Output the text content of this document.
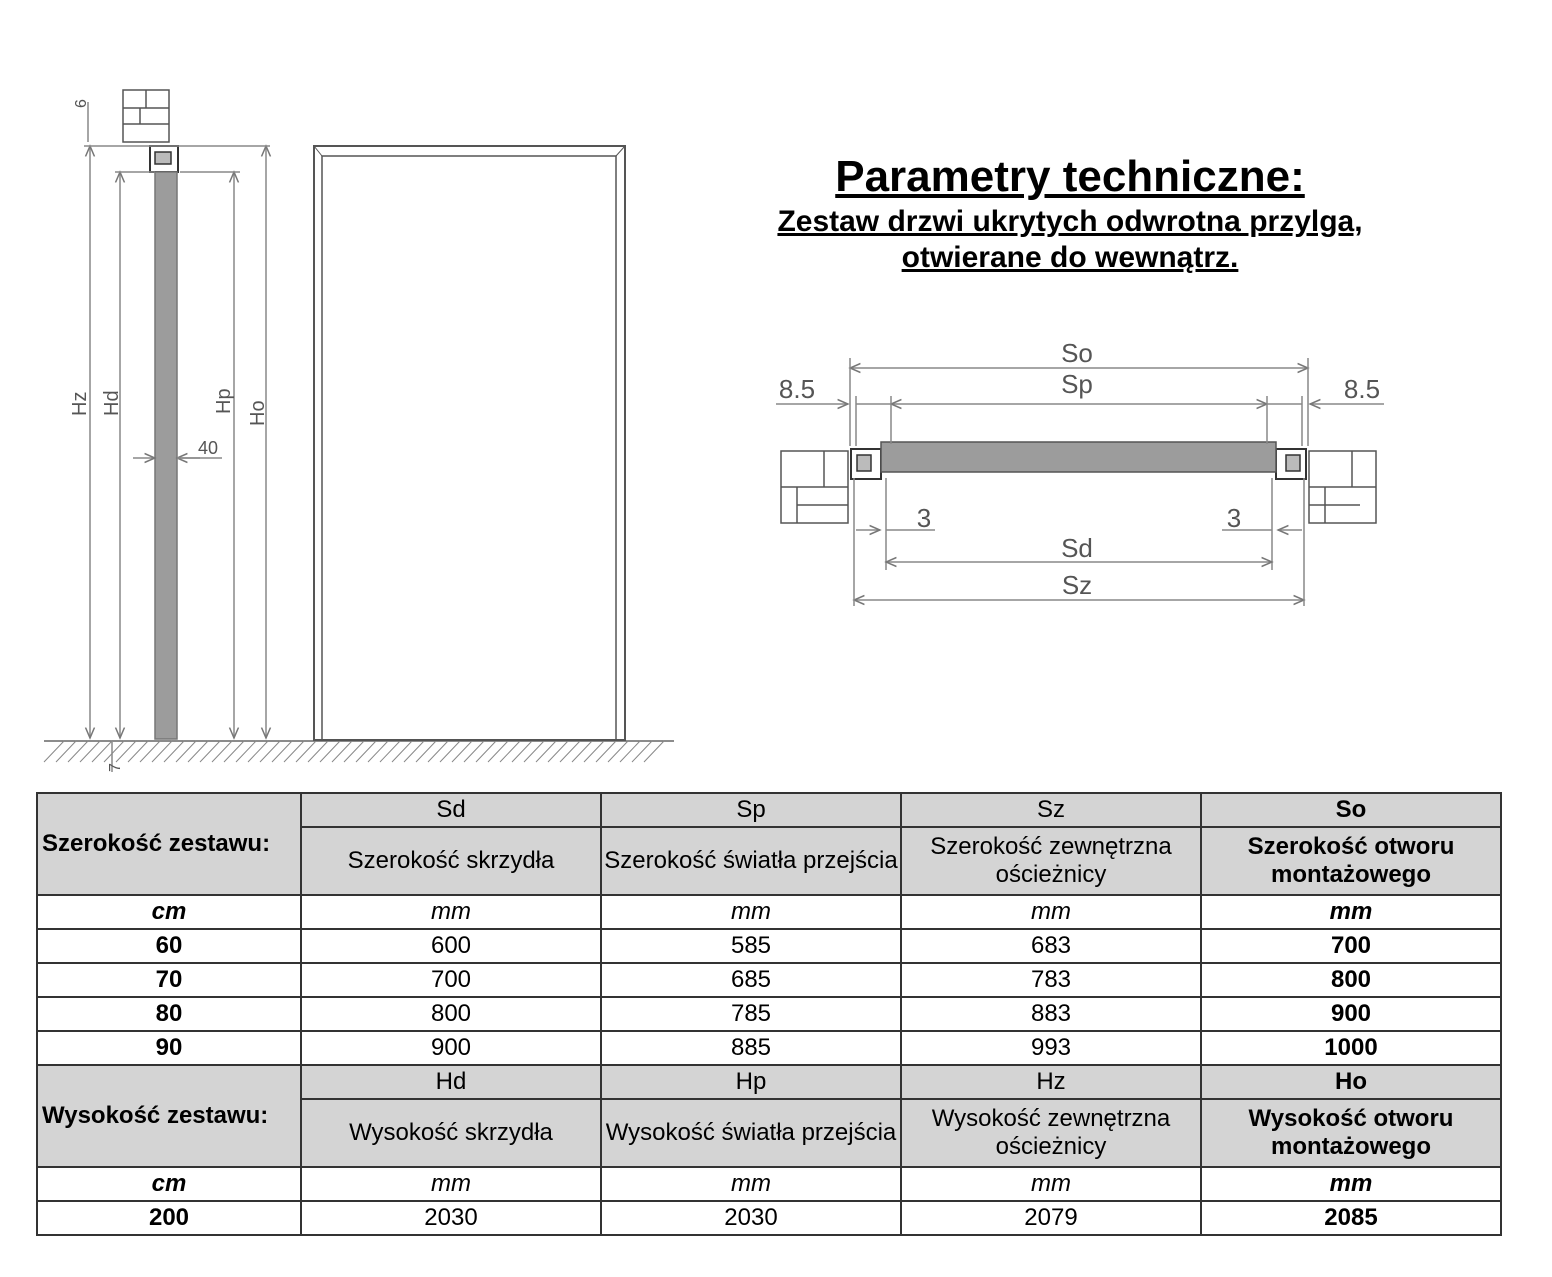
6
Hz Hd	Hp Ho
40
7
So
Sp
8.5	8.5
3	3
Sd
Sz
Parametry techniczne:
Zestaw drzwi ukrytych odwrotna przylga,
otwierane do wewnątrz.
Szerokość zestawu:	Sd	Sp	Sz	So
	Szerokość skrzydła	Szerokość światła przejścia	Szerokość zewnętrzna ościeżnicy	Szerokość otworu montażowego
cm	mm	mm	mm	mm
60	600	585	683	700
70	700	685	783	800
80	800	785	883	900
90	900	885	993	1000
Wysokość zestawu:	Hd	Hp	Hz	Ho
	Wysokość skrzydła	Wysokość światła przejścia	Wysokość zewnętrzna ościeżnicy	Wysokość otworu montażowego
cm	mm	mm	mm	mm
200	2030	2030	2079	2085
